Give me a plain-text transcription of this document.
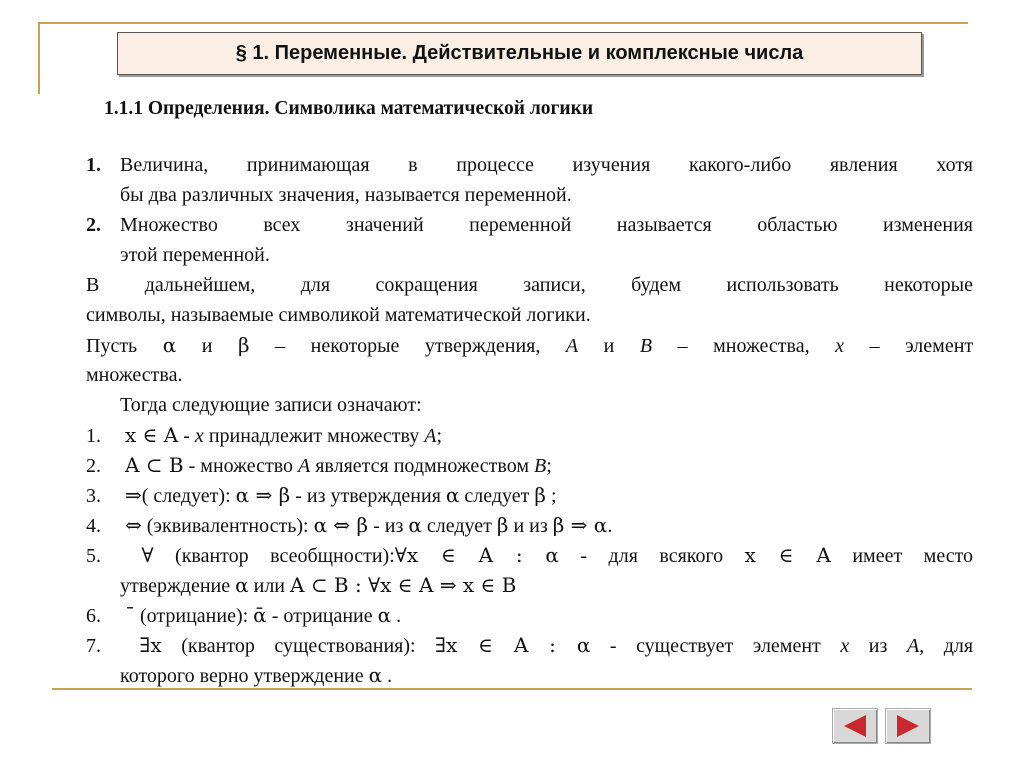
§ 1. Переменные. Действительные и комплексные числа
1.1.1 Определения. Символика математической логики
1. Величина, принимающая в процессе изучения какого-либо явления хотя
бы два различных значения, называется переменной.
2. Множество всех значений переменной называется областью изменения
этой переменной.
В дальнейшем, для сокращения записи, будем использовать некоторые
символы, называемые символикой математической логики.
Пусть α и β – некоторые утверждения, A и B – множества, x – элемент
множества.
Тогда следующие записи означают:
1. x ∈ A - x принадлежит множеству A;
2. A ⊂ B - множество A является подмножеством B;
3. ⇒( следует): α ⇒ β - из утверждения α следует β ;
4. ⇔ (эквивалентность): α ⇔ β - из α следует β и из β ⇒ α.
5. ∀ (квантор всеобщности):∀x ∈ A : α - для всякого x ∈ A имеет место
утверждение α или A ⊂ B : ∀x ∈ A ⇒ x ∈ B
6. ¯ (отрицание): ᾱ - отрицание α .
7. ∃x (квантор существования): ∃x ∈ A : α - существует элемент x из A, для
которого верно утверждение α .
